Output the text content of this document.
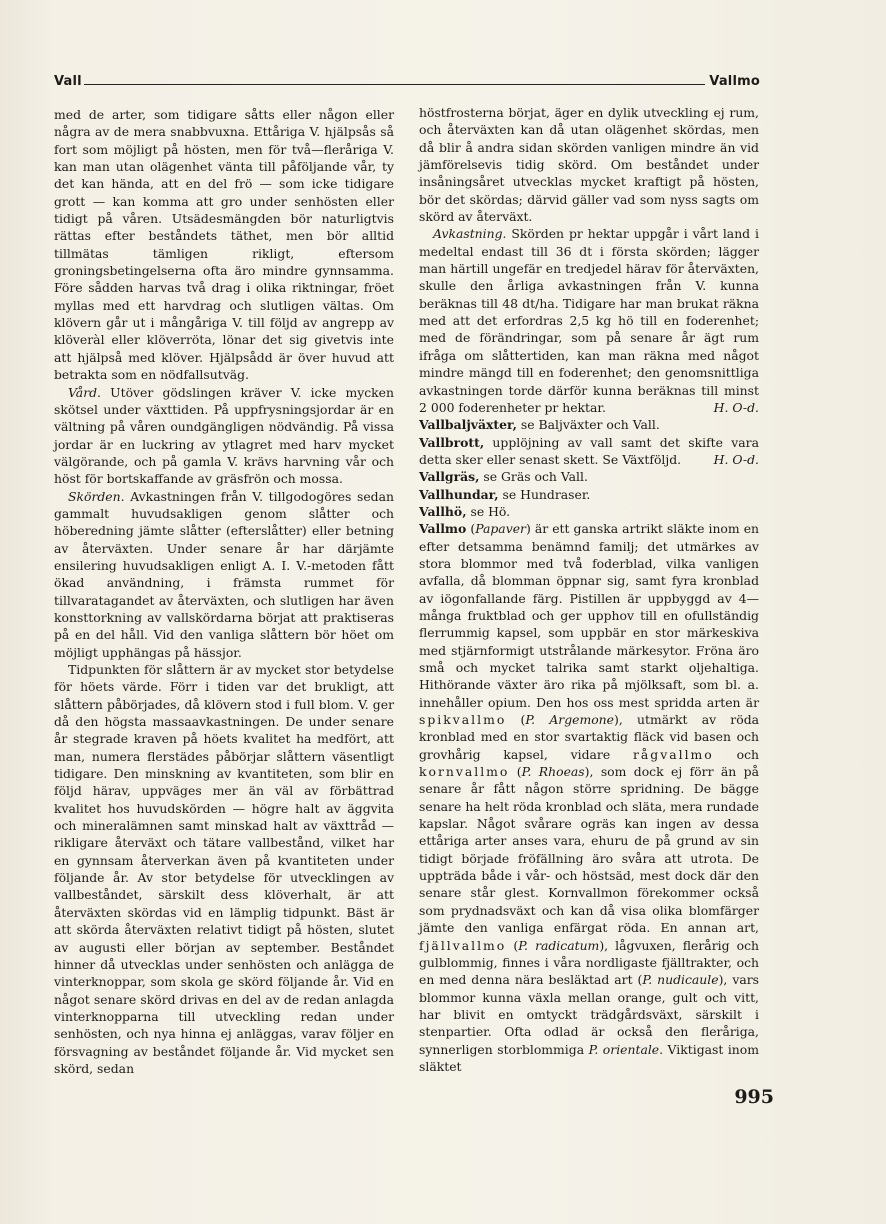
Vall	Vallmo

med de arter, som tidigare såtts eller någon eller några av de mera snabbvuxna. Ettåriga V. hjälpsås så fort som möjligt på hösten, men för två—fleråriga V. kan man utan olägenhet vänta till påföljande vår, ty det kan hända, att en del frö — som icke tidigare grott — kan komma att gro under senhösten eller tidigt på våren. Utsädesmängden bör naturligtvis rättas efter beståndets täthet, men bör alltid tillmätas tämligen rikligt, eftersom groningsbetingelserna ofta äro mindre gynnsamma. Före sådden harvas två drag i olika riktningar, fröet myllas med ett harvdrag och slutligen vältas. Om klövern går ut i mångåriga V. till följd av angrepp av klöveràl eller klöverröta, lönar det sig givetvis inte att hjälpså med klöver. Hjälpsådd är över huvud att betrakta som en nödfallsutväg.

Vård. Utöver gödslingen kräver V. icke mycken skötsel under växttiden. På uppfrysningsjordar är en vältning på våren oundgängligen nödvändig. På vissa jordar är en luckring av ytlagret med harv mycket välgörande, och på gamla V. krävs harvning vår och höst för bortskaffande av gräsfrön och mossa.

Skörden. Avkastningen från V. tillgodogöres sedan gammalt huvudsakligen genom slåtter och höberedning jämte slåtter (efterslåtter) eller betning av återväxten. Under senare år har därjämte ensilering huvudsakligen enligt A. I. V.-metoden fått ökad användning, i främsta rummet för tillvaratagandet av återväxten, och slutligen har även konsttorkning av vallskördarna börjat att praktiseras på en del håll. Vid den vanliga slåttern bör höet om möjligt upphängas på hässjor.

Tidpunkten för slåttern är av mycket stor betydelse för höets värde. Förr i tiden var det brukligt, att slåttern påbörjades, då klövern stod i full blom. V. ger då den högsta massaavkastningen. De under senare år stegrade kraven på höets kvalitet ha medfört, att man, numera flerstädes påbörjar slåttern väsentligt tidigare. Den minskning av kvantiteten, som blir en följd härav, uppväges mer än väl av förbättrad kvalitet hos huvudskörden — högre halt av äggvita och mineralämnen samt minskad halt av växttråd — rikligare återväxt och tätare vallbestånd, vilket har en gynnsam återverkan även på kvantiteten under följande år. Av stor betydelse för utvecklingen av vallbeståndet, särskilt dess klöverhalt, är att återväxten skördas vid en lämplig tidpunkt. Bäst är att skörda återväxten relativt tidigt på hösten, slutet av augusti eller början av september. Beståndet hinner då utvecklas under senhösten och anlägga de vinterknoppar, som skola ge skörd följande år. Vid en något senare skörd drivas en del av de redan anlagda vinterknopparna till utveckling redan under senhösten, och nya hinna ej anläggas, varav följer en försvagning av beståndet följande år. Vid mycket sen skörd, sedan

höstfrosterna börjat, äger en dylik utveckling ej rum, och återväxten kan då utan olägenhet skördas, men då blir å andra sidan skörden vanligen mindre än vid jämförelsevis tidig skörd. Om beståndet under insåningsåret utvecklas mycket kraftigt på hösten, bör det skördas; därvid gäller vad som nyss sagts om skörd av återväxt.

Avkastning. Skörden pr hektar uppgår i vårt land i medeltal endast till 36 dt i första skörden; lägger man härtill ungefär en tredjedel härav för återväxten, skulle den årliga avkastningen från V. kunna beräknas till 48 dt/ha. Tidigare har man brukat räkna med att det erfordras 2,5 kg hö till en foderenhet; med de förändringar, som på senare år ägt rum ifråga om slåttertiden, kan man räkna med något mindre mängd till en foderenhet; den genomsnittliga avkastningen torde därför kunna beräknas till minst 2 000 foderenheter pr hektar.	H. O-d.

Vallbaljväxter, se Baljväxter och Vall.

Vallbrott, upplöjning av vall samt det skifte vara detta sker eller senast skett. Se Växtföljd.	H. O-d.

Vallgräs, se Gräs och Vall.

Vallhundar, se Hundraser.

Vallhö, se Hö.

Vallmo (Papaver) är ett ganska artrikt släkte inom en efter detsamma benämnd familj; det utmärkes av stora blommor med två foderblad, vilka vanligen avfalla, då blomman öppnar sig, samt fyra kronblad av iögonfallande färg. Pistillen är uppbyggd av 4—många fruktblad och ger upphov till en ofullständig flerrummig kapsel, som uppbär en stor märkeskiva med stjärnformigt utstrålande märkesytor. Fröna äro små och mycket talrika samt starkt oljehaltiga. Hithörande växter äro rika på mjölksaft, som bl. a. innehåller opium. Den hos oss mest spridda arten är spikvallmo (P. Argemone), utmärkt av röda kronblad med en stor svartaktig fläck vid basen och grovhårig kapsel, vidare rågvallmo och kornvallmo (P. Rhoeas), som dock ej förr än på senare år fått någon större spridning. De bägge senare ha helt röda kronblad och släta, mera rundade kapslar. Något svårare ogräs kan ingen av dessa ettåriga arter anses vara, ehuru de på grund av sin tidigt började fröfällning äro svåra att utrota. De uppträda både i vår- och höstsäd, mest dock där den senare står glest. Kornvallmon förekommer också som prydnadsväxt och kan då visa olika blomfärger jämte den vanliga enfärgat röda. En annan art, fjällvallmo (P. radicatum), lågvuxen, flerårig och gulblommig, finnes i våra nordligaste fjälltrakter, och en med denna nära besläktad art (P. nudicaule), vars blommor kunna växla mellan orange, gult och vitt, har blivit en omtyckt trädgårdsväxt, särskilt i stenpartier. Ofta odlad är också den fleråriga, synnerligen storblommiga P. orientale. Viktigast inom släktet

995
